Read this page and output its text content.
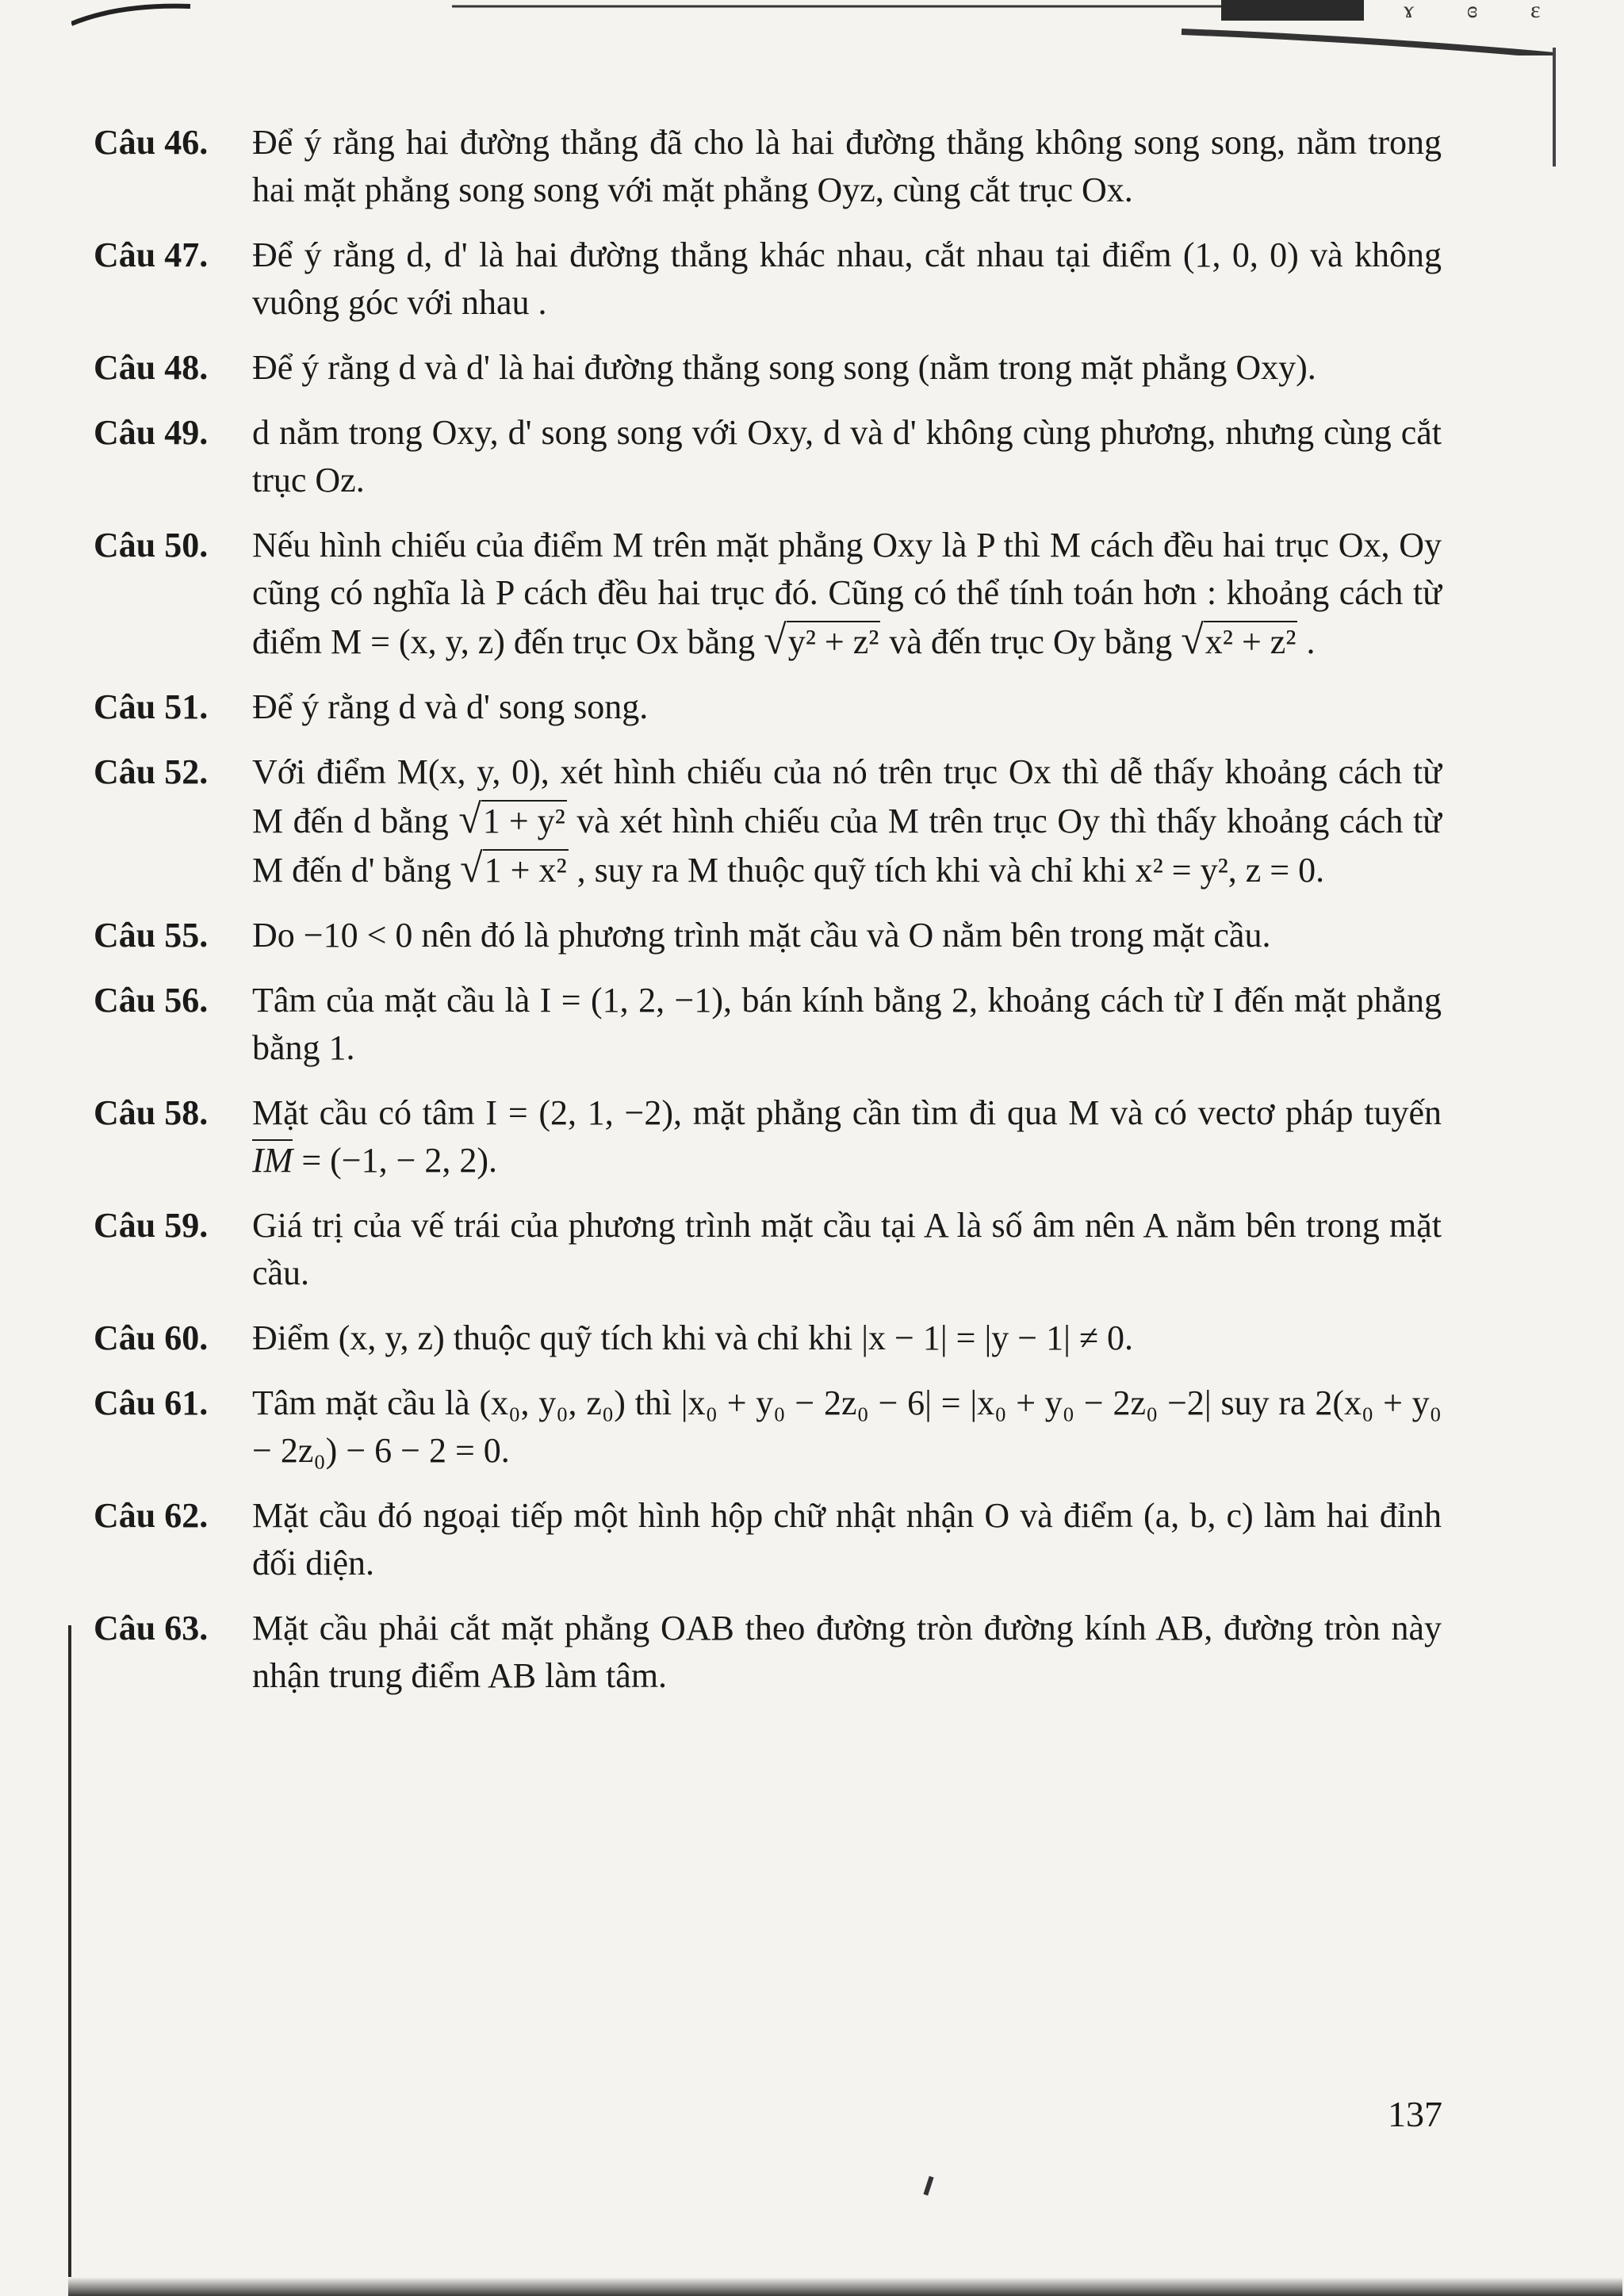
ɤ ɞ ɛ
Câu 46.	Để ý rằng hai đường thẳng đã cho là hai đường thẳng không song song, nằm trong hai mặt phẳng song song với mặt phẳng Oyz, cùng cắt trục Ox.
Câu 47.	Để ý rằng d, d' là hai đường thẳng khác nhau, cắt nhau tại điểm (1, 0, 0) và không vuông góc với nhau .
Câu 48.	Để ý rằng d và d' là hai đường thẳng song song (nằm trong mặt phẳng Oxy).
Câu 49.	d nằm trong Oxy, d' song song với Oxy, d và d' không cùng phương, nhưng cùng cắt trục Oz.
Câu 50.	Nếu hình chiếu của điểm M trên mặt phẳng Oxy là P thì M cách đều hai trục Ox, Oy cũng có nghĩa là P cách đều hai trục đó. Cũng có thể tính toán hơn : khoảng cách từ điểm M = (x, y, z) đến trục Ox bằng √y² + z² và đến trục Oy bằng √x² + z² .
Câu 51.	Để ý rằng d và d' song song.
Câu 52.	Với điểm M(x, y, 0), xét hình chiếu của nó trên trục Ox thì dễ thấy khoảng cách từ M đến d bằng √1 + y² và xét hình chiếu của M trên trục Oy thì thấy khoảng cách từ M đến d' bằng √1 + x² , suy ra M thuộc quỹ tích khi và chỉ khi x² = y², z = 0.
Câu 55.	Do −10 < 0 nên đó là phương trình mặt cầu và O nằm bên trong mặt cầu.
Câu 56.	Tâm của mặt cầu là I = (1, 2, −1), bán kính bằng 2, khoảng cách từ I đến mặt phẳng bằng 1.
Câu 58.	Mặt cầu có tâm I = (2, 1, −2), mặt phẳng cần tìm đi qua M và có vectơ pháp tuyến IM = (−1, − 2, 2).
Câu 59.	Giá trị của vế trái của phương trình mặt cầu tại A là số âm nên A nằm bên trong mặt cầu.
Câu 60.	Điểm (x, y, z) thuộc quỹ tích khi và chỉ khi |x − 1| = |y − 1| ≠ 0.
Câu 61.	Tâm mặt cầu là (x₀, y₀, z₀) thì |x₀ + y₀ − 2z₀ − 6| = |x₀ + y₀ − 2z₀ −2| suy ra 2(x₀ + y₀ − 2z₀) − 6 − 2 = 0.
Câu 62.	Mặt cầu đó ngoại tiếp một hình hộp chữ nhật nhận O và điểm (a, b, c) làm hai đỉnh đối diện.
Câu 63.	Mặt cầu phải cắt mặt phẳng OAB theo đường tròn đường kính AB, đường tròn này nhận trung điểm AB làm tâm.
137
